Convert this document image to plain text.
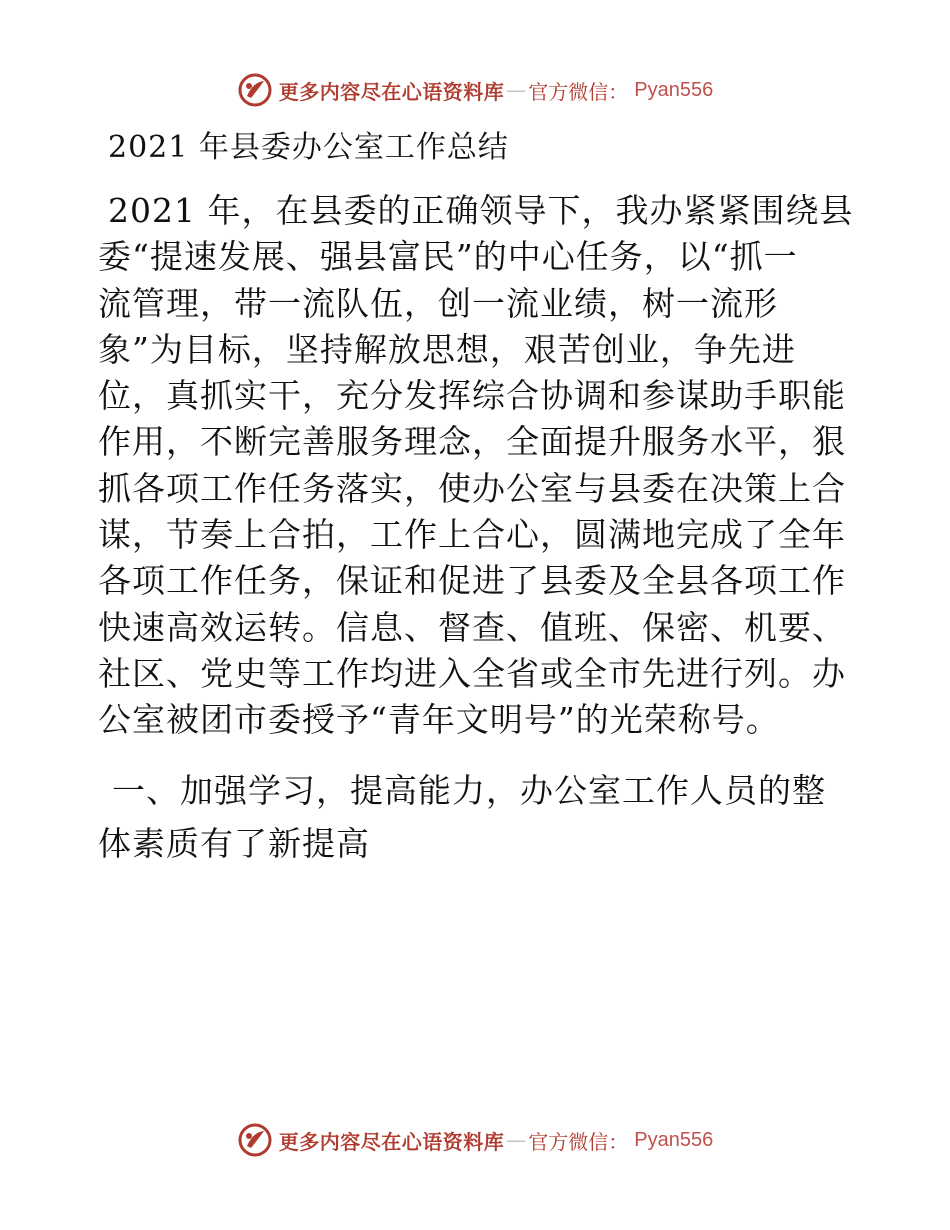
更多内容尽在心语资料库 — 官方微信： Pyan556
2021 年县委办公室工作总结
2021 年，在县委的正确领导下，我办紧紧围绕县
委“提速发展、强县富民”的中心任务，以“抓一
流管理，带一流队伍，创一流业绩，树一流形
象”为目标，坚持解放思想，艰苦创业，争先进
位，真抓实干，充分发挥综合协调和参谋助手职能
作用，不断完善服务理念，全面提升服务水平，狠
抓各项工作任务落实，使办公室与县委在决策上合
谋，节奏上合拍，工作上合心，圆满地完成了全年
各项工作任务，保证和促进了县委及全县各项工作
快速高效运转。信息、督查、值班、保密、机要、
社区、党史等工作均进入全省或全市先进行列。办
公室被团市委授予“青年文明号”的光荣称号。
一、加强学习，提高能力，办公室工作人员的整
体素质有了新提高
更多内容尽在心语资料库 — 官方微信： Pyan556
